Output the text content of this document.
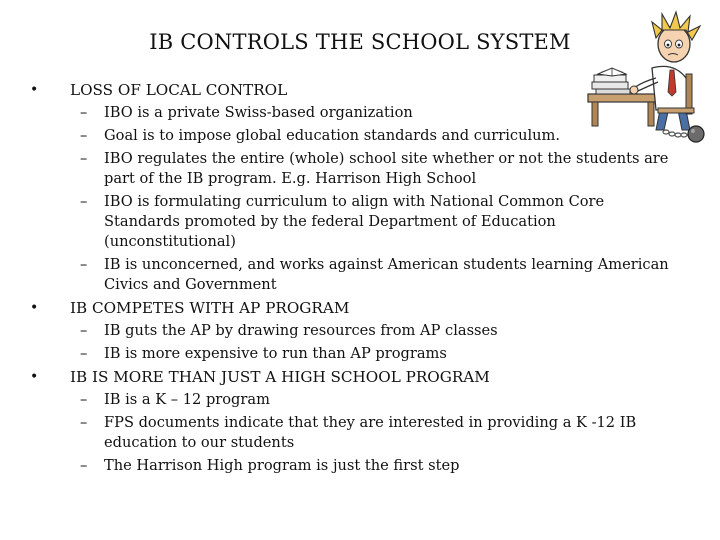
IB CONTROLS THE SCHOOL SYSTEM
• LOSS OF LOCAL CONTROL
– IBO is a private Swiss-based organization
– Goal is to impose global education standards and curriculum.
– IBO regulates the entire (whole) school site whether or not the students are part of the IB program. E.g. Harrison High School
– IBO is formulating curriculum to align with National Common Core Standards promoted by the federal Department of Education (unconstitutional)
– IB is unconcerned, and works against American students learning American Civics and Government
• IB COMPETES WITH AP PROGRAM
– IB guts the AP by drawing resources from AP classes
– IB is more expensive to run than AP programs
• IB IS MORE THAN JUST A HIGH SCHOOL PROGRAM
– IB is a K – 12 program
– FPS documents indicate that they are interested in providing a K -12 IB education to our students
– The Harrison High program is just the first step
